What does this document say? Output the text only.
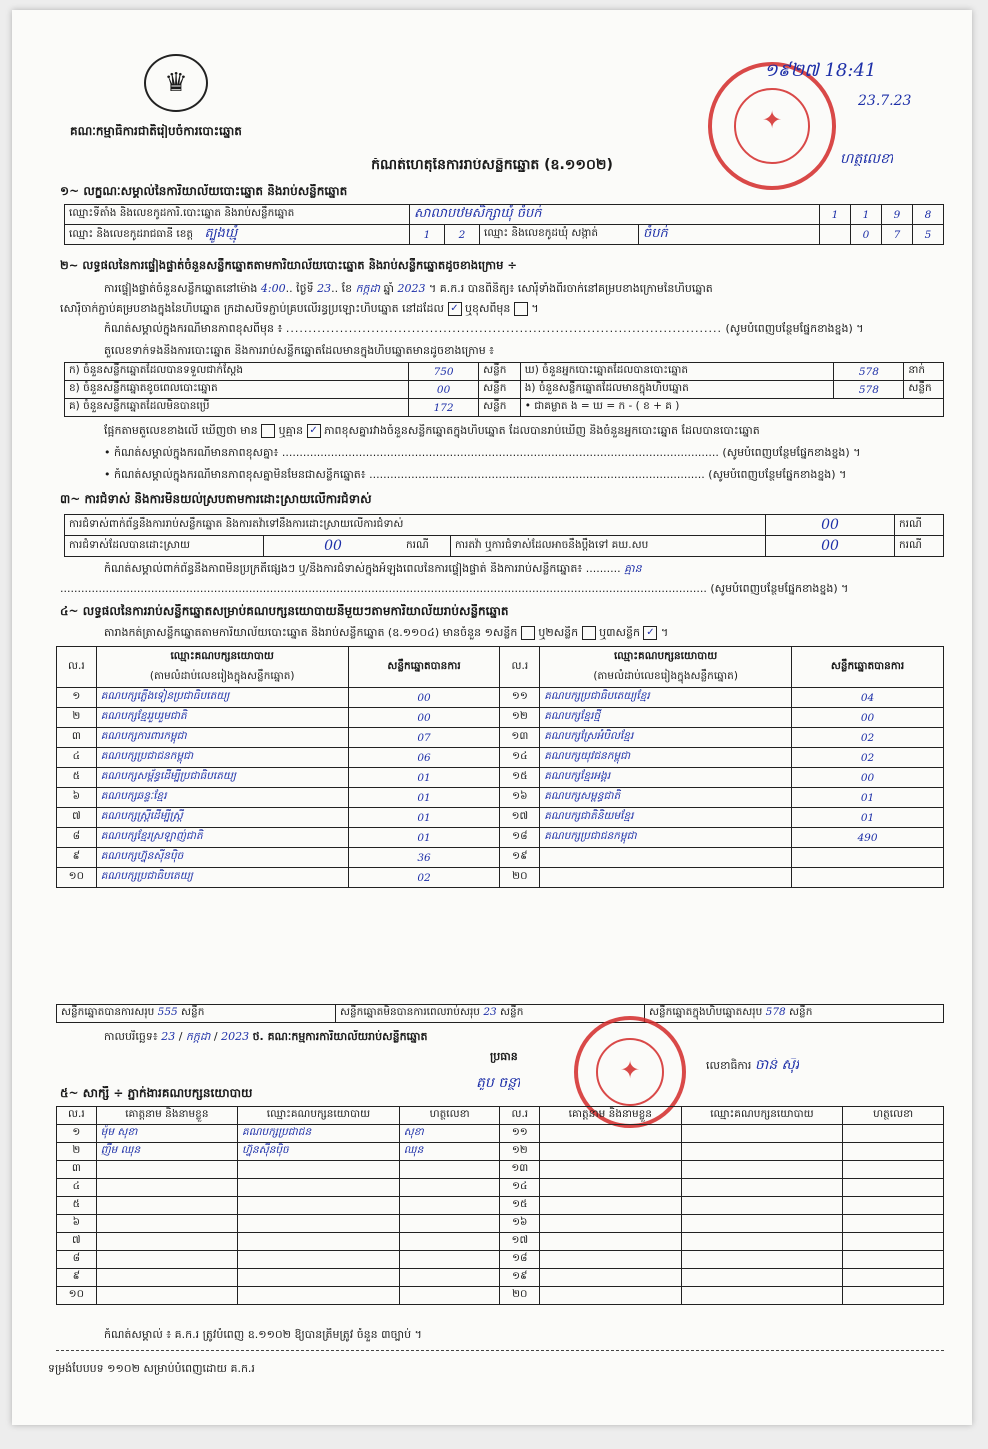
♛
គណៈកម្មាធិការជាតិរៀបចំការបោះឆ្នោត
កំណត់ហេតុនៃការរាប់សន្លឹកឆ្នោត (ឧ.១១០២)
✦
១៩២៧ 18:41
23.7.23
ហត្ថលេខា
១~ លក្ខណៈសម្គាល់នៃការិយាល័យបោះឆ្នោត និងរាប់សន្លឹកឆ្នោត
ឈ្មោះទីតាំង និងលេខកូដការិ.បោះឆ្នោត និងរាប់សន្លឹកឆ្នោត	សាលាបឋមសិក្សាឃុំ ចំបក់				1	1	9	8
ឈ្មោះ និងលេខកូដរាជធានី ខេត្ត ត្បូងឃ្មុំ	1	2	ឈ្មោះ និងលេខកូដឃុំ សង្កាត់	ចំបក់		0	7	5
២~ លទ្ធផលនៃការផ្ទៀងផ្ទាត់ចំនួនសន្លឹកឆ្នោតតាមការិយាល័យបោះឆ្នោត និងរាប់សន្លឹកឆ្នោតដូចខាងក្រោម ÷
ការផ្ទៀងផ្ទាត់ចំនួនសន្លឹកឆ្នោតនៅម៉ោង 4:00.. ថ្ងៃទី 23.. ខែ កក្កដា ឆ្នាំ 2023 ។ គ.ក.រ បានពិនិត្យ៖ សោរ៉ុំទាំងពីរចាក់នៅគម្របខាងក្រោមនៃហិបឆ្នោត
សោរ៉ុំចាក់ភ្ជាប់គម្របខាងក្នុងនៃហិបឆ្នោត ក្រដាសបិទភ្ជាប់គ្របលើរន្ធប្រឡោះហិបឆ្នោត នៅដដែល ✓ ឬខុសពីមុន  ។
កំណត់សម្គាល់ក្នុងករណីមានភាពខុសពីមុន ៖ ................................................................................................. (សូមបំពេញបន្ថែមផ្នែកខាងខ្នង) ។
តួលេខទាក់ទងនឹងការបោះឆ្នោត និងការរាប់សន្លឹកឆ្នោតដែលមានក្នុងហិបឆ្នោតមានដូចខាងក្រោម ៖
ក) ចំនួនសន្លឹកឆ្នោតដែលបានទទួលជាក់ស្តែង	750	សន្លឹក	ឃ) ចំនួនអ្នកបោះឆ្នោតដែលបានបោះឆ្នោត	578	នាក់
ខ) ចំនួនសន្លឹកឆ្នោតខូចពេលបោះឆ្នោត	00	សន្លឹក	ង) ចំនួនសន្លឹកឆ្នោតដែលមានក្នុងហិបឆ្នោត	578	សន្លឹក
គ) ចំនួនសន្លឹកឆ្នោតដែលមិនបានប្រើ	172	សន្លឹក	• ជាគម្លាត ង = ឃ = ក - ( ខ + គ )		
ផ្អែកតាមតួលេខខាងលើ ឃើញថា មាន ឬគ្មាន ✓ ភាពខុសគ្នារវាងចំនួនសន្លឹកឆ្នោតក្នុងហិបឆ្នោត ដែលបានរាប់ឃើញ និងចំនួនអ្នកបោះឆ្នោត ដែលបានបោះឆ្នោត
• កំណត់សម្គាល់ក្នុងករណីមានភាពខុសគ្នា៖ ............................................................................................................................. (សូមបំពេញបន្ថែមផ្នែកខាងខ្នង) ។
• កំណត់សម្គាល់ក្នុងករណីមានភាពខុសគ្នាមិនមែនជាសន្លឹកឆ្នោត៖ ................................................................................................ (សូមបំពេញបន្ថែមផ្នែកខាងខ្នង) ។
៣~ ការជំទាស់ និងការមិនយល់ស្របតាមការដោះស្រាយលើការជំទាស់
ការជំទាស់ពាក់ព័ន្ធនឹងការរាប់សន្លឹកឆ្នោត និងការតវ៉ាទៅនឹងការដោះស្រាយលើការជំទាស់				00	ករណី
ការជំទាស់ដែលបានដោះស្រាយ	00	ករណី	ការតវ៉ា ឬការជំទាស់ដែលអាចនឹងប្តឹងទៅ គឃ.សប	00	ករណី
កំណត់សម្គាល់ពាក់ព័ន្ធនឹងភាពមិនប្រក្រតីផ្សេងៗ ឬ/និងការជំទាស់ក្នុងអំឡុងពេលនៃការផ្ទៀងផ្ទាត់ និងការរាប់សន្លឹកឆ្នោត៖ .......... គ្មាន
......................................................................................................................................................................................... (សូមបំពេញបន្ថែមផ្នែកខាងខ្នង) ។
៤~ លទ្ធផលនៃការរាប់សន្លឹកឆ្នោតសម្រាប់គណបក្សនយោបាយនីមួយៗតាមការិយាល័យរាប់សន្លឹកឆ្នោត
តារាងកត់ត្រាសន្លឹកឆ្នោតតាមការិយាល័យបោះឆ្នោត និងរាប់សន្លឹកឆ្នោត (ឧ.១១០៤) មានចំនួន ១សន្លឹក ឬ២សន្លឹក ឬ៣សន្លឹក ✓ ។
ល.រ	ឈ្មោះគណបក្សនយោបាយ	សន្លឹកឆ្នោតបានការ	ល.រ	ឈ្មោះគណបក្សនយោបាយ	សន្លឹកឆ្នោតបានការ
	(តាមលំដាប់លេខរៀងក្នុងសន្លឹកឆ្នោត)			(តាមលំដាប់លេខរៀងក្នុងសន្លឹកឆ្នោត)	
១	គណបក្សភ្លើងទៀនប្រជាធិបតេយ្យ	00	១១	គណបក្សប្រជាធិបតេយ្យខ្មែរ	04
២	គណបក្សខ្មែររួបរួមជាតិ	00	១២	គណបក្សខ្មែរថ្មី	00
៣	គណបក្សការពារកម្ពុជា	07	១៣	គណបក្សស្រែអំបិលខ្មែរ	02
៤	គណបក្សប្រជាជនកម្ពុជា	06	១៤	គណបក្សយុវជនកម្ពុជា	02
៥	គណបក្សសម្ព័ន្ធដើម្បីប្រជាធិបតេយ្យ	01	១៥	គណបក្សខ្មែរអង្គរ	00
៦	គណបក្សឆន្ទៈខ្មែរ	01	១៦	គណបក្សសម្ពន្ធជាតិ	01
៧	គណបក្សស្ត្រីដើម្បីស្ត្រី	01	១៧	គណបក្សជាតិនិយមខ្មែរ	01
៨	គណបក្សខ្មែរស្រឡាញ់ជាតិ	01	១៨	គណបក្សប្រជាជនកម្ពុជា	490
៩	គណបក្សហ្វ៊ុនស៊ីនប៉ិច	36	១៩		
១០	គណបក្សប្រជាធិបតេយ្យ	02	២០		
សន្លឹកឆ្នោតបានការសរុប 555 សន្លឹក	សន្លឹកឆ្នោតមិនបានការពេលរាប់សរុប 23 សន្លឹក	សន្លឹកឆ្នោតក្នុងហិបឆ្នោតសរុប 578 សន្លឹក
កាលបរិច្ឆេទ៖ 23 / កក្កដា / 2023 ថ. គណៈកម្មការការិយាល័យរាប់សន្លឹកឆ្នោត
ប្រធាន
តូប ចន្ថា	✦	លេខាធិការ ចាន់ ស៊ីវ
៥~ សាក្សី ÷ ភ្នាក់ងារគណបក្សនយោបាយ
ល.រ	គោត្តនាម និងនាមខ្លួន	ឈ្មោះគណបក្សនយោបាយ	ហត្ថលេខា	ល.រ	គោត្តនាម និងនាមខ្លួន	ឈ្មោះគណបក្សនយោបាយ	ហត្ថលេខា
១	ម៉ុម សុខា	គណបក្សប្រជាជន	សុខា	១១			
២	ញឹម ឈុន	ហ្វ៊ុនស៊ីនប៉ិច	ឈុន	១២			
៣				១៣			
៤				១៤			
៥				១៥			
៦				១៦			
៧				១៧			
៨				១៨			
៩				១៩			
១០				២០			
កំណត់សម្គាល់ ៖ គ.ក.រ ត្រូវបំពេញ ឧ.១១០២ ឱ្យបានត្រឹមត្រូវ ចំនួន ៣ច្បាប់ ។
ទម្រង់បែបបទ ១១០២ សម្រាប់បំពេញដោយ គ.ក.រ
